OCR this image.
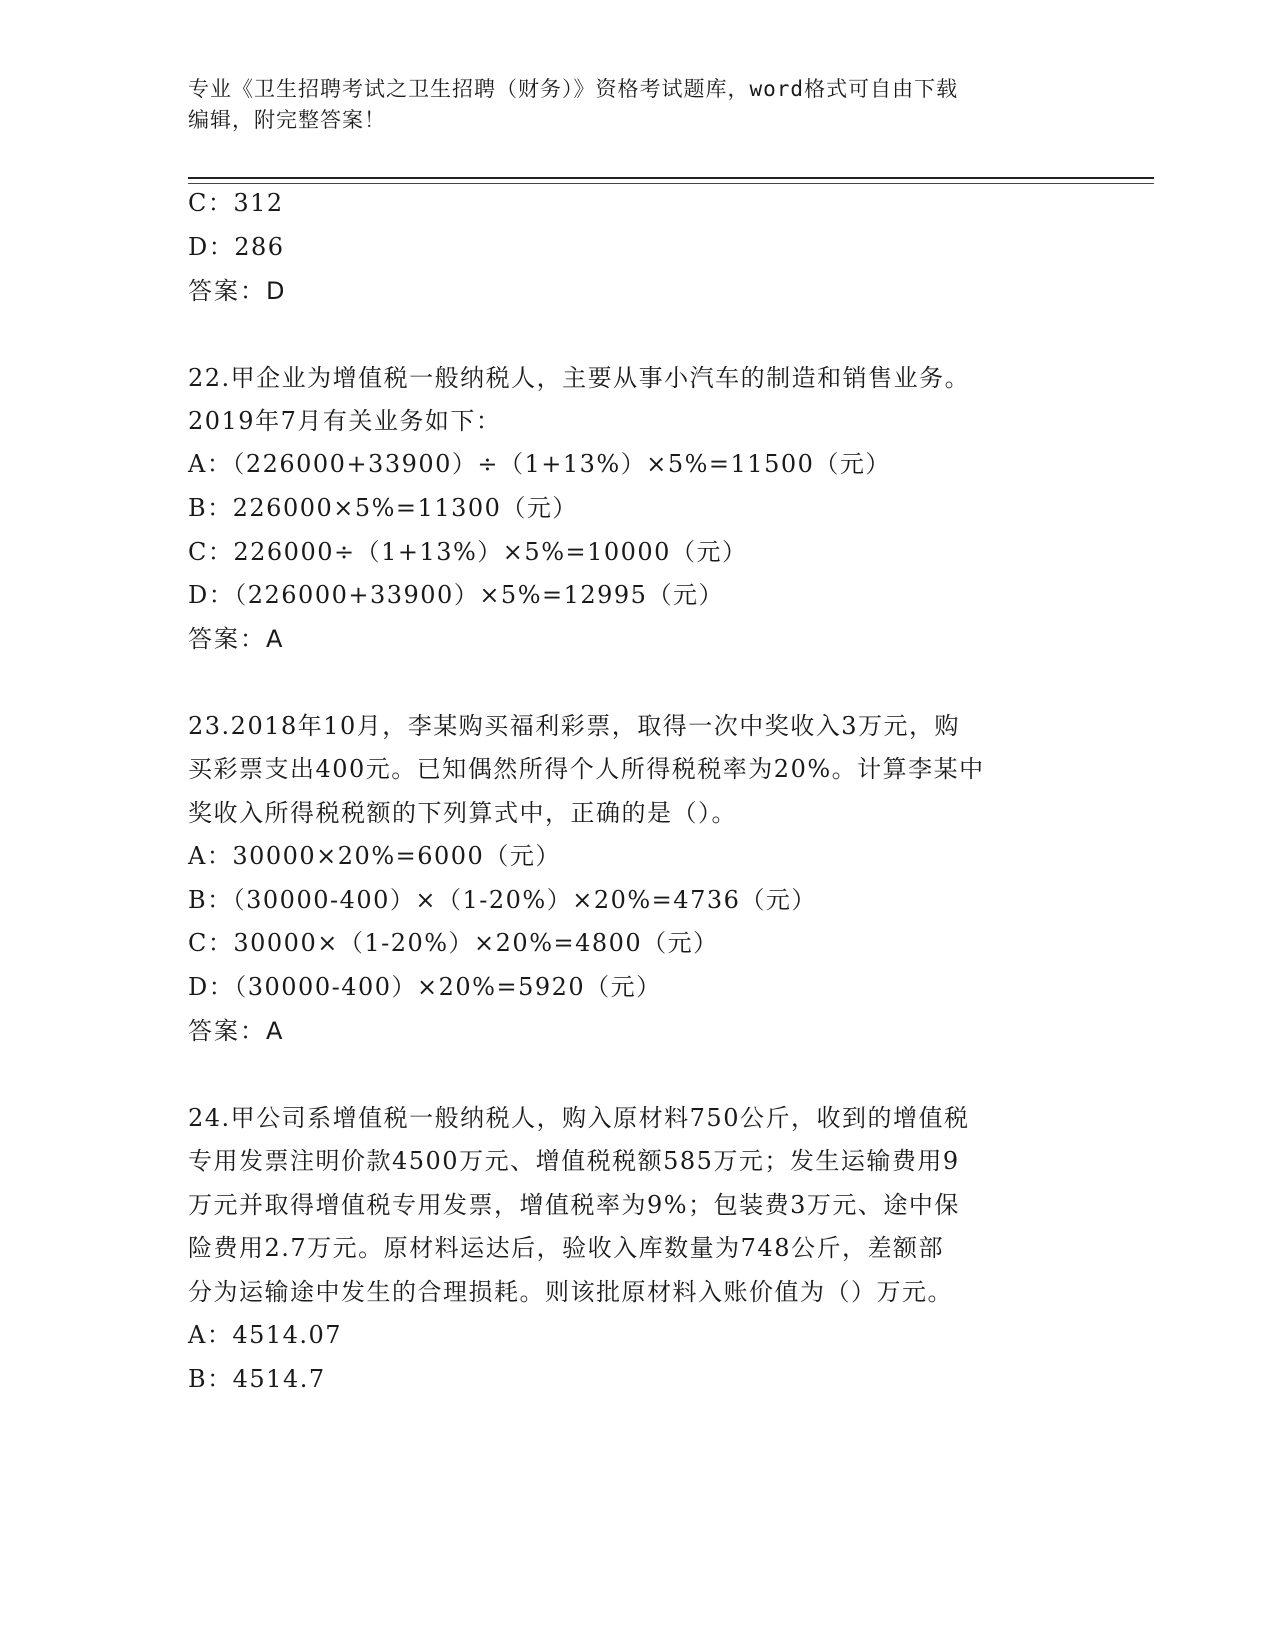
专业《卫生招聘考试之卫生招聘（财务）》资格考试题库，word格式可自由下载
编辑，附完整答案！
C：312
D：286
答案：D
22.甲企业为增值税一般纳税人，主要从事小汽车的制造和销售业务。
2019年7月有关业务如下：
A：（226000+33900）÷（1+13%）×5%=11500（元）
B：226000×5%=11300（元）
C：226000÷（1+13%）×5%=10000（元）
D：（226000+33900）×5%=12995（元）
答案：A
23.2018年10月，李某购买福利彩票，取得一次中奖收入3万元，购
买彩票支出400元。已知偶然所得个人所得税税率为20%。计算李某中
奖收入所得税税额的下列算式中，正确的是（）。
A：30000×20%=6000（元）
B：（30000-400）×（1-20%）×20%=4736（元）
C：30000×（1-20%）×20%=4800（元）
D：（30000-400）×20%=5920（元）
答案：A
24.甲公司系增值税一般纳税人，购入原材料750公斤，收到的增值税
专用发票注明价款4500万元、增值税税额585万元；发生运输费用9
万元并取得增值税专用发票，增值税率为9%；包装费3万元、途中保
险费用2.7万元。原材料运达后，验收入库数量为748公斤，差额部
分为运输途中发生的合理损耗。则该批原材料入账价值为（）万元。
A：4514.07
B：4514.7
